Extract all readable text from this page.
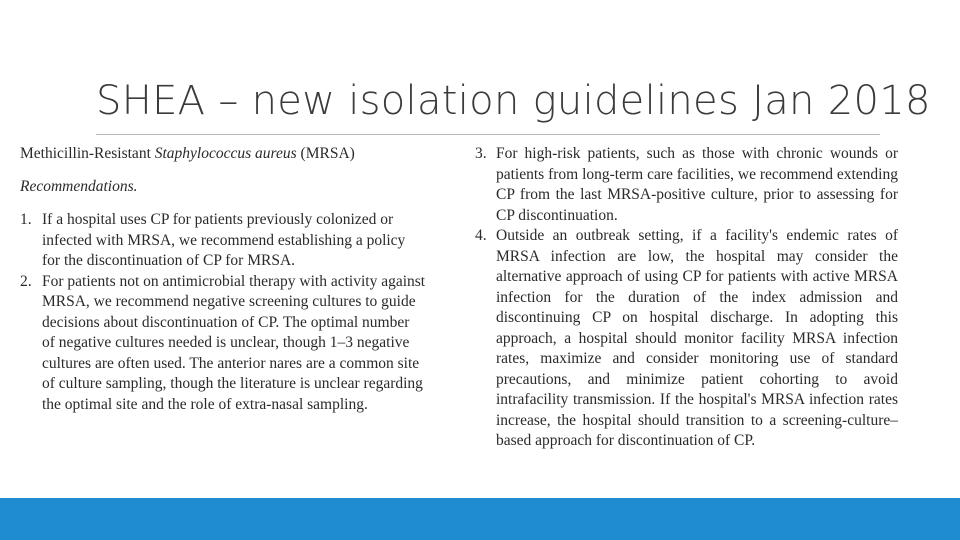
SHEA – new isolation guidelines Jan 2018
Methicillin-Resistant Staphylococcus aureus (MRSA)
Recommendations.
1. If a hospital uses CP for patients previously colonized or
infected with MRSA, we recommend establishing a policy
for the discontinuation of CP for MRSA.
2. For patients not on antimicrobial therapy with activity against
MRSA, we recommend negative screening cultures to guide
decisions about discontinuation of CP. The optimal number
of negative cultures needed is unclear, though 1–3 negative
cultures are often used. The anterior nares are a common site
of culture sampling, though the literature is unclear regarding
the optimal site and the role of extra-nasal sampling.
3. For high-risk patients, such as those with chronic wounds or patients from long-term care facilities, we recommend extending CP from the last MRSA-positive culture, prior to assessing for CP discontinuation.
4. Outside an outbreak setting, if a facility's endemic rates of MRSA infection are low, the hospital may consider the alternative approach of using CP for patients with active MRSA infection for the duration of the index admission and discontinuing CP on hospital discharge. In adopting this approach, a hospital should monitor facility MRSA infection rates, maximize and consider monitoring use of standard precautions, and minimize patient cohorting to avoid intrafacility transmission. If the hospital's MRSA infection rates increase, the hospital should transition to a screening-culture–based approach for discontinuation of CP.
